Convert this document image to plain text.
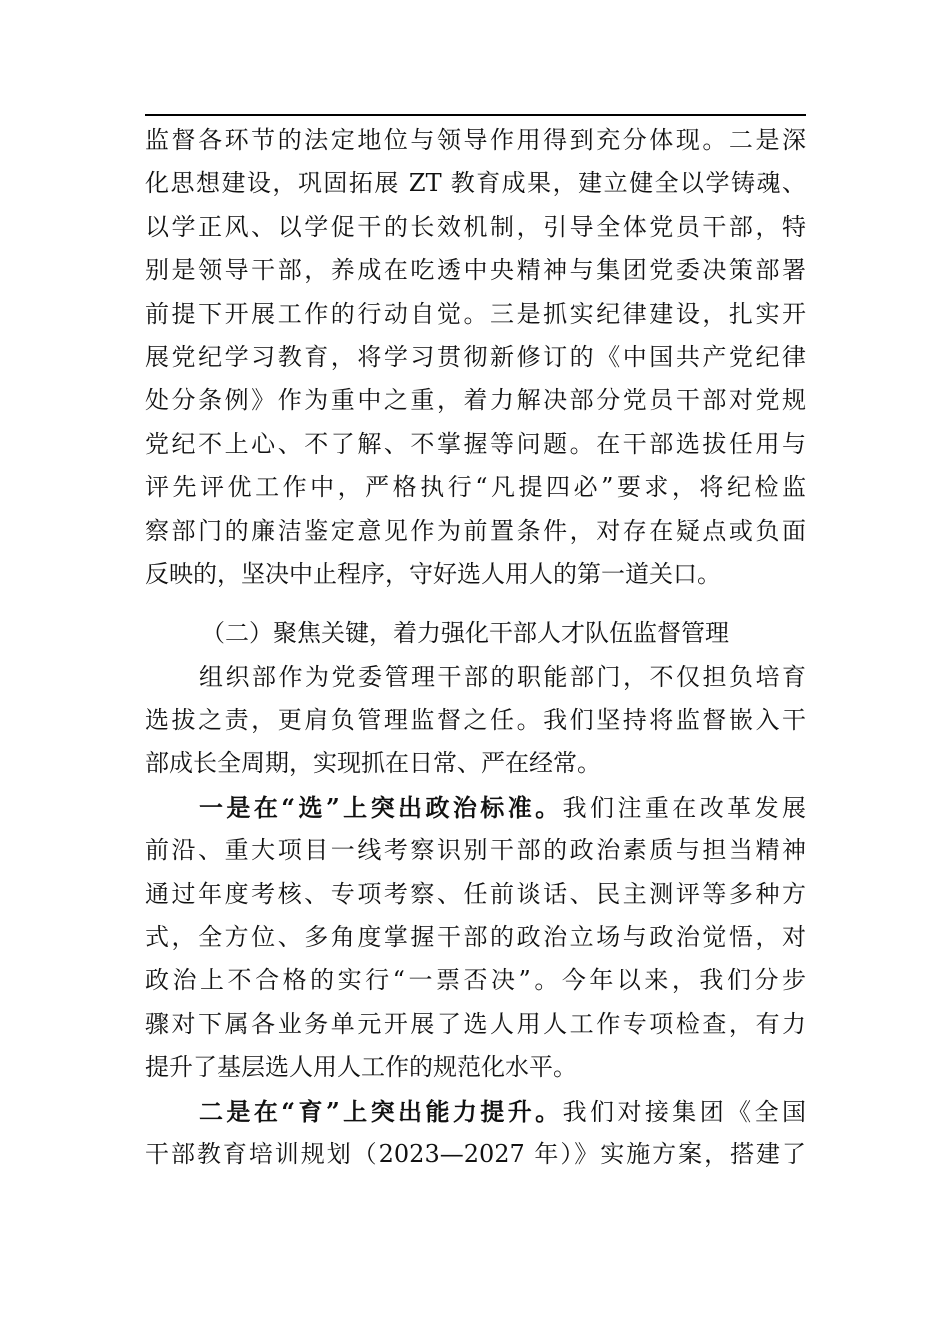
监督各环节的法定地位与领导作用得到充分体现。二是深
化思想建设，巩固拓展 ZT 教育成果，建立健全以学铸魂、
以学正风、以学促干的长效机制，引导全体党员干部，特
别是领导干部，养成在吃透中央精神与集团党委决策部署
前提下开展工作的行动自觉。三是抓实纪律建设，扎实开
展党纪学习教育，将学习贯彻新修订的《中国共产党纪律
处分条例》作为重中之重，着力解决部分党员干部对党规
党纪不上心、不了解、不掌握等问题。在干部选拔任用与
评先评优工作中，严格执行“凡提四必”要求，将纪检监
察部门的廉洁鉴定意见作为前置条件，对存在疑点或负面
反映的，坚决中止程序，守好选人用人的第一道关口。
（二）聚焦关键，着力强化干部人才队伍监督管理
组织部作为党委管理干部的职能部门，不仅担负培育
选拔之责，更肩负管理监督之任。我们坚持将监督嵌入干
部成长全周期，实现抓在日常、严在经常。
一是在“选”上突出政治标准。我们注重在改革发展
前沿、重大项目一线考察识别干部的政治素质与担当精神
通过年度考核、专项考察、任前谈话、民主测评等多种方
式，全方位、多角度掌握干部的政治立场与政治觉悟，对
政治上不合格的实行“一票否决”。今年以来，我们分步
骤对下属各业务单元开展了选人用人工作专项检查，有力
提升了基层选人用人工作的规范化水平。
二是在“育”上突出能力提升。我们对接集团《全国
干部教育培训规划（2023—2027 年）》实施方案，搭建了
